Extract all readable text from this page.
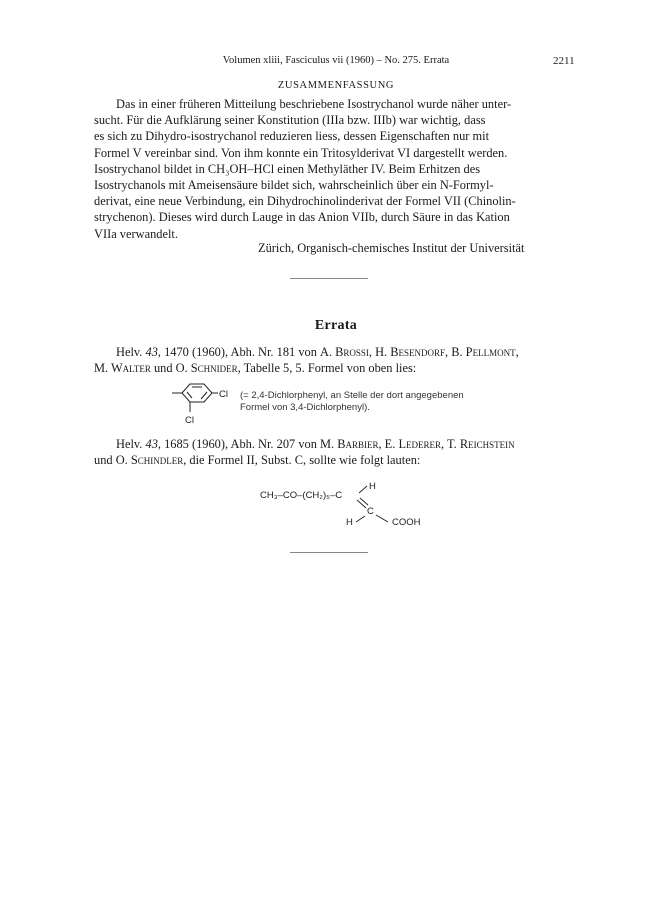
Volumen xliii, Fasciculus vii (1960) – No. 275. Errata	2211
ZUSAMMENFASSUNG

Das in einer früheren Mitteilung beschriebene Isostrychanol wurde näher unter-

sucht. Für die Aufklärung seiner Konstitution (IIIa bzw. IIIb) war wichtig, dass

es sich zu Dihydro-isostrychanol reduzieren liess, dessen Eigenschaften nur mit

Formel V vereinbar sind. Von ihm konnte ein Tritosylderivat VI dargestellt werden.

Isostrychanol bildet in CH₃OH–HCl einen Methyläther IV. Beim Erhitzen des

Isostrychanols mit Ameisensäure bildet sich, wahrscheinlich über ein N-Formyl-

derivat, eine neue Verbindung, ein Dihydrochinolinderivat der Formel VII (Chinolin-

strychenon). Dieses wird durch Lauge in das Anion VIIb, durch Säure in das Kation

VIIa verwandelt.

Zürich, Organisch-chemisches Institut der Universität
Errata

Helv. 43, 1470 (1960), Abh. Nr. 181 von A. Brossi, H. Besendorf, B. Pellmont,

M. Walter und O. Schnider, Tabelle 5, 5. Formel von oben lies:

Cl
Cl
(= 2,4-Dichlorphenyl, an Stelle der dort angegebenen
Formel von 3,4-Dichlorphenyl).

Helv. 43, 1685 (1960), Abh. Nr. 207 von M. Barbier, E. Lederer, T. Reichstein

und O. Schindler, die Formel II, Subst. C, sollte wie folgt lauten:

CH₃–CO–(CH₂)₅–C
H
C
H	COOH
